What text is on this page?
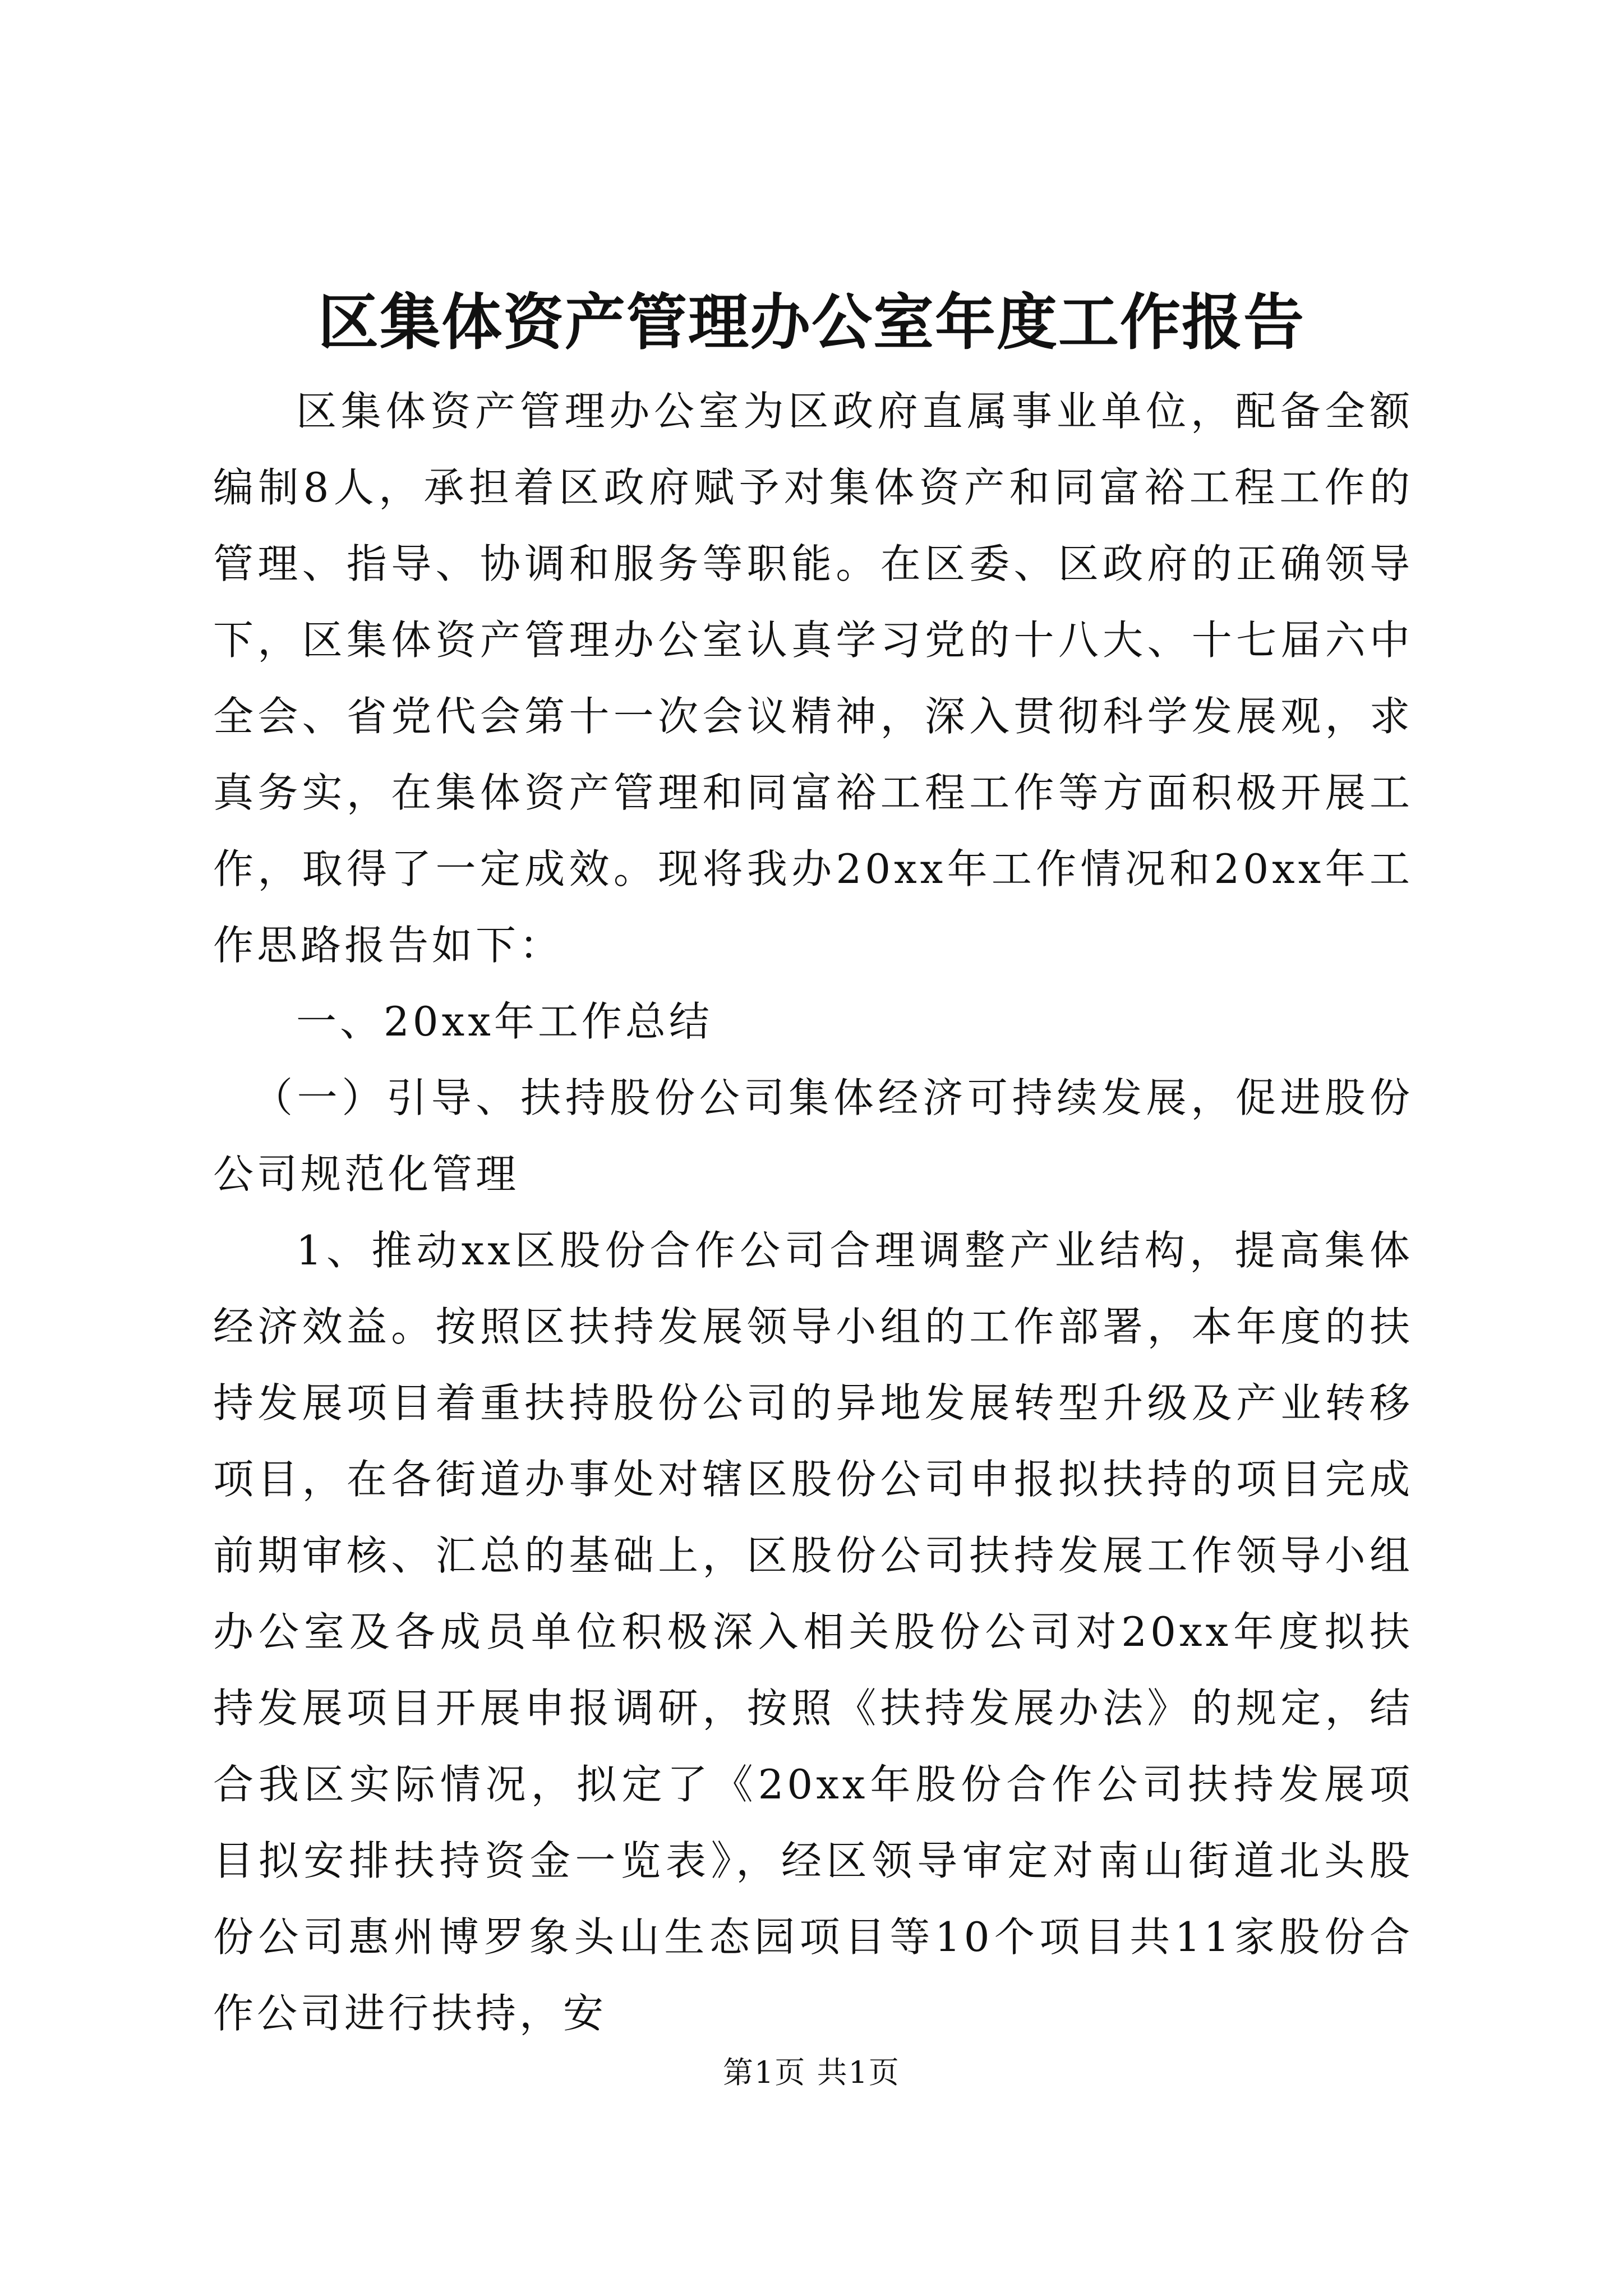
区集体资产管理办公室年度工作报告

区集体资产管理办公室为区政府直属事业单位，配备全额编制8人，承担着区政府赋予对集体资产和同富裕工程工作的管理、指导、协调和服务等职能。在区委、区政府的正确领导下，区集体资产管理办公室认真学习党的十八大、十七届六中全会、省党代会第十一次会议精神，深入贯彻科学发展观，求真务实，在集体资产管理和同富裕工程工作等方面积极开展工作，取得了一定成效。现将我办20xx年工作情况和20xx年工作思路报告如下：

一、20xx年工作总结

（一）引导、扶持股份公司集体经济可持续发展，促进股份公司规范化管理

1、推动xx区股份合作公司合理调整产业结构，提高集体经济效益。按照区扶持发展领导小组的工作部署，本年度的扶持发展项目着重扶持股份公司的异地发展转型升级及产业转移项目，在各街道办事处对辖区股份公司申报拟扶持的项目完成前期审核、汇总的基础上，区股份公司扶持发展工作领导小组办公室及各成员单位积极深入相关股份公司对20xx年度拟扶持发展项目开展申报调研，按照《扶持发展办法》的规定，结合我区实际情况，拟定了《20xx年股份合作公司扶持发展项目拟安排扶持资金一览表》，经区领导审定对南山街道北头股份公司惠州博罗象头山生态园项目等10个项目共11家股份合作公司进行扶持，安

第1页 共1页
